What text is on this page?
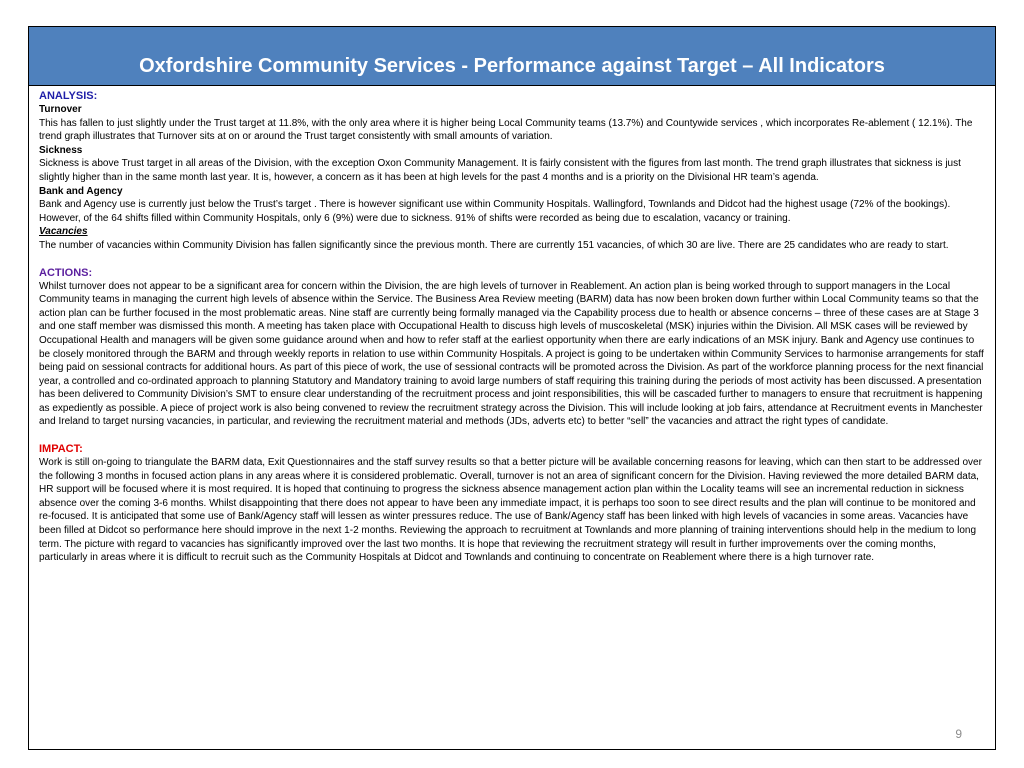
Oxfordshire Community Services - Performance against Target – All Indicators
ANALYSIS:
Turnover

This has fallen to just slightly under the Trust target at 11.8%, with the only area where it is higher being Local Community teams (13.7%) and Countywide services , which incorporates Re-ablement ( 12.1%). The trend graph illustrates that Turnover sits at on or around the Trust target consistently with small amounts of variation.

Sickness

Sickness is above Trust target in all areas of the Division, with the exception Oxon Community Management. It is fairly consistent with the figures from last month. The trend graph illustrates that sickness is just slightly higher than in the same month last year. It is, however, a concern as it has been at high levels for the past 4 months and is a priority on the Divisional HR team’s agenda.

Bank and Agency

Bank and Agency use is currently just below the Trust’s target . There is however significant use within Community Hospitals. Wallingford, Townlands and Didcot had the highest usage (72% of the bookings). However, of the 64 shifts filled within Community Hospitals, only 6 (9%) were due to sickness. 91% of shifts were recorded as being due to escalation, vacancy or training.

Vacancies

The number of vacancies within Community Division has fallen significantly since the previous month. There are currently 151 vacancies, of which 30 are live. There are 25 candidates who are ready to start.

ACTIONS:

Whilst turnover does not appear to be a significant area for concern within the Division, the are high levels of turnover in Reablement. An action plan is being worked through to support managers in the Local Community teams in managing the current high levels of absence within the Service. The Business Area Review meeting (BARM) data has now been broken down further within Local Community teams so that the action plan can be further focused in the most problematic areas. Nine staff are currently being formally managed via the Capability process due to health or absence concerns – three of these cases are at Stage 3 and one staff member was dismissed this month. A meeting has taken place with Occupational Health to discuss high levels of muscoskeletal (MSK) injuries within the Division. All MSK cases will be reviewed by Occupational Health and managers will be given some guidance around when and how to refer staff at the earliest opportunity when there are early indications of an MSK injury. Bank and Agency use continues to be closely monitored through the BARM and through weekly reports in relation to use within Community Hospitals. A project is going to be undertaken within Community Services to harmonise arrangements for staff being paid on sessional contracts for additional hours. As part of this piece of work, the use of sessional contracts will be promoted across the Division. As part of the workforce planning process for the next financial year, a controlled and co-ordinated approach to planning Statutory and Mandatory training to avoid large numbers of staff requiring this training during the periods of most activity has been discussed. A presentation has been delivered to Community Division’s SMT to ensure clear understanding of the recruitment process and joint responsibilities, this will be cascaded further to managers to ensure that recruitment is happening as expediently as possible. A piece of project work is also being convened to review the recruitment strategy across the Division. This will include looking at job fairs, attendance at Recruitment events in Manchester and Ireland to target nursing vacancies, in particular, and reviewing the recruitment material and methods (JDs, adverts etc) to better “sell” the vacancies and attract the right types of candidate.

IMPACT:

Work is still on-going to triangulate the BARM data, Exit Questionnaires and the staff survey results so that a better picture will be available concerning reasons for leaving, which can then start to be addressed over the following 3 months in focused action plans in any areas where it is considered problematic. Overall, turnover is not an area of significant concern for the Division. Having reviewed the more detailed BARM data, HR support will be focused where it is most required. It is hoped that continuing to progress the sickness absence management action plan within the Locality teams will see an incremental reduction in sickness absence over the coming 3-6 months. Whilst disappointing that there does not appear to have been any immediate impact, it is perhaps too soon to see direct results and the plan will continue to be monitored and re-focused. It is anticipated that some use of Bank/Agency staff will lessen as winter pressures reduce. The use of Bank/Agency staff has been linked with high levels of vacancies in some areas. Vacancies have been filled at Didcot so performance here should improve in the next 1-2 months. Reviewing the approach to recruitment at Townlands and more planning of training interventions should help in the medium to long term. The picture with regard to vacancies has significantly improved over the last two months. It is hope that reviewing the recruitment strategy will result in further improvements over the coming months, particularly in areas where it is difficult to recruit such as the Community Hospitals at Didcot and Townlands and continuing to concentrate on Reablement where there is a high turnover rate.

9
